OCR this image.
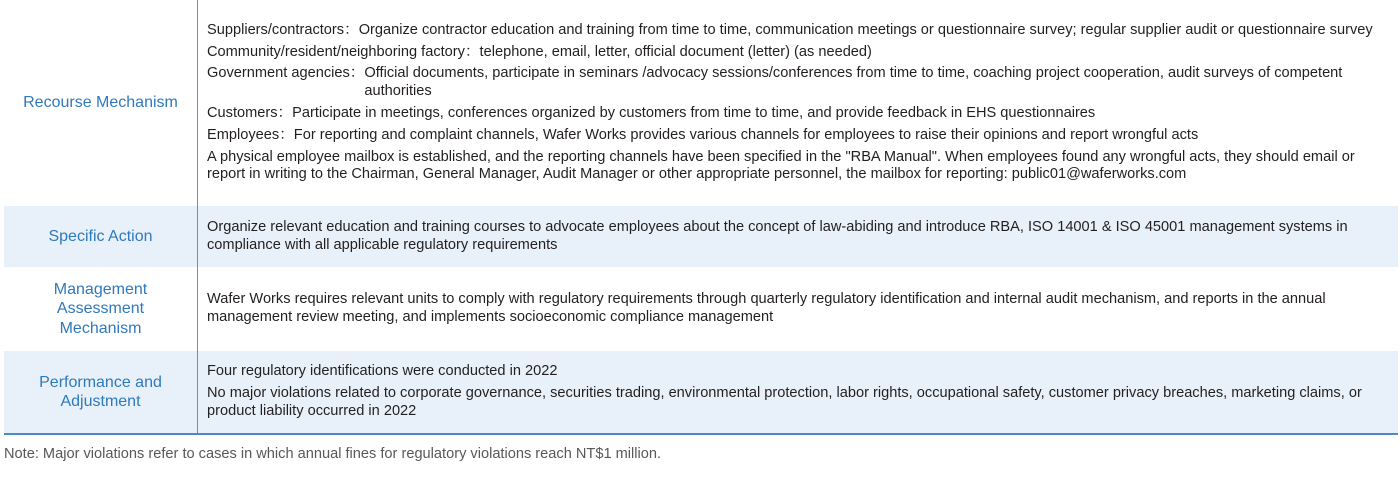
Recourse Mechanism
Suppliers/contractors： Organize contractor education and training from time to time, communication meetings or questionnaire survey; regular supplier audit or questionnaire survey
Community/resident/neighboring factory： telephone, email, letter, official document (letter) (as needed)
Government agencies： Official documents, participate in seminars /advocacy sessions/conferences from time to time, coaching project cooperation, audit surveys of competent authorities
Customers： Participate in meetings, conferences organized by customers from time to time, and provide feedback in EHS questionnaires
Employees： For reporting and complaint channels, Wafer Works provides various channels for employees to raise their opinions and report wrongful acts
A physical employee mailbox is established, and the reporting channels have been specified in the "RBA Manual". When employees found any wrongful acts, they should email or report in writing to the Chairman, General Manager, Audit Manager or other appropriate personnel, the mailbox for reporting: public01@waferworks.com
Specific Action
Organize relevant education and training courses to advocate employees about the concept of law-abiding and introduce RBA, ISO 14001 & ISO 45001 management systems in compliance with all applicable regulatory requirements
Management Assessment Mechanism
Wafer Works requires relevant units to comply with regulatory requirements through quarterly regulatory identification and internal audit mechanism, and reports in the annual management review meeting, and implements socioeconomic compliance management
Performance and Adjustment
Four regulatory identifications were conducted in 2022
No major violations related to corporate governance, securities trading, environmental protection, labor rights, occupational safety, customer privacy breaches, marketing claims, or product liability occurred in 2022
Note: Major violations refer to cases in which annual fines for regulatory violations reach NT$1 million.
